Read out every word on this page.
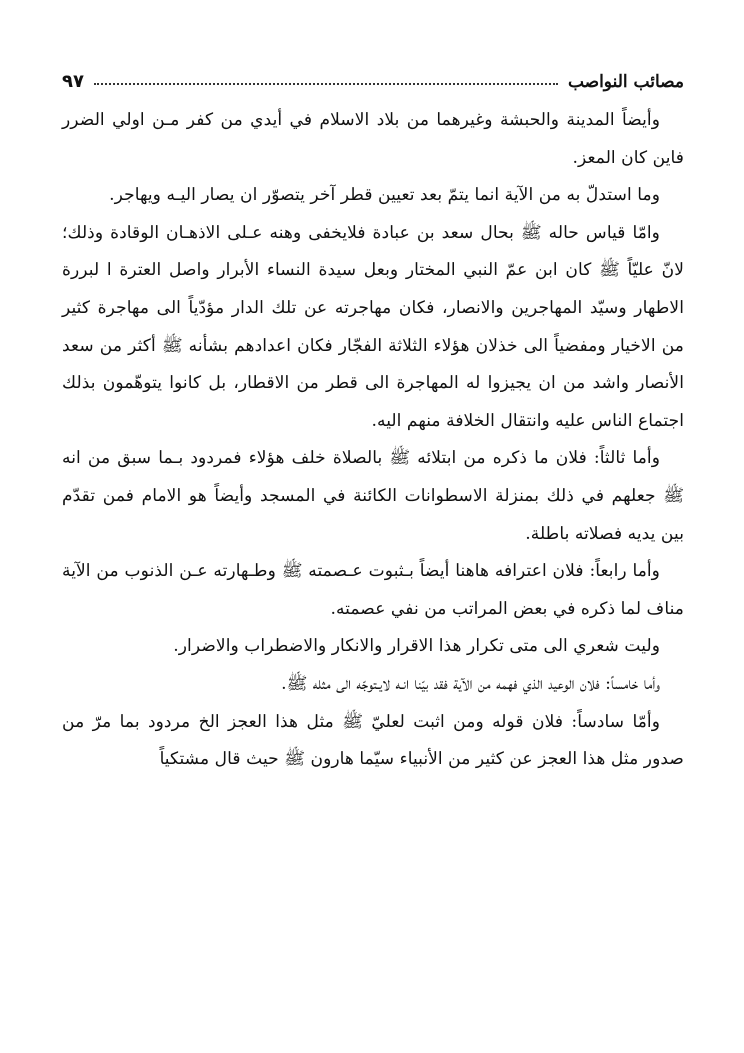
مصائب النواصب
٩٧

وأيضاً المدينة والحبشة وغيرهما من بلاد الاسلام في أيدي من كفر مـن اولي الضرر فاين كان المعز.

وما استدلّ به من الآية انما يتمّ بعد تعيين قطر آخر يتصوّر ان يصار اليـه ويهاجر.

وامّا قياس حاله ﷺ بحال سعد بن عبادة فلايخفى وهنه عـلى الاذهـان الوقادة وذلك؛ لانّ عليّاً ﷺ كان ابن عمّ النبي المختار وبعل سيدة النساء الأبرار واصل العترة ا لبررة الاطهار وسيّد المهاجرين والانصار، فكان مهاجرته عن تلك الدار مؤدّياً الى مهاجرة كثير من الاخيار ومفضياً الى خذلان هؤلاء الثلاثة الفجّار فكان اعدادهم بشأنه ﷺ أكثر من سعد الأنصار واشد من ان يجيزوا له المهاجرة الى قطر من الاقطار، بل كانوا يتوهّمون بذلك اجتماع الناس عليه وانتقال الخلافة منهم اليه.

وأما ثالثاً: فلان ما ذكره من ابتلائه ﷺ بالصلاة خلف هؤلاء فمردود بـما سبق من انه ﷺ جعلهم في ذلك بمنزلة الاسطوانات الكائنة في المسجد وأيضاً هو الامام فمن تقدّم بين يديه فصلاته باطلة.

وأما رابعاً: فلان اعترافه هاهنا أيضاً بـثبوت عـصمته ﷺ وطـهارته عـن الذنوب من الآية مناف لما ذكره في بعض المراتب من نفي عصمته.

وليت شعري الى متى تكرار هذا الاقرار والانكار والاضطراب والاضرار.

وأما خامساً: فلان الوعيد الذي فهمه من الآية فقد بيّنا انـه لايـتوجّه الى مثله ﷺ.

وأمّا سادساً: فلان قوله ومن اثبت لعليّ ﷺ مثل هذا العجز الخ مردود بما مرّ من صدور مثل هذا العجز عن كثير من الأنبياء سيّما هارون ﷺ حيث قال مشتكياً
